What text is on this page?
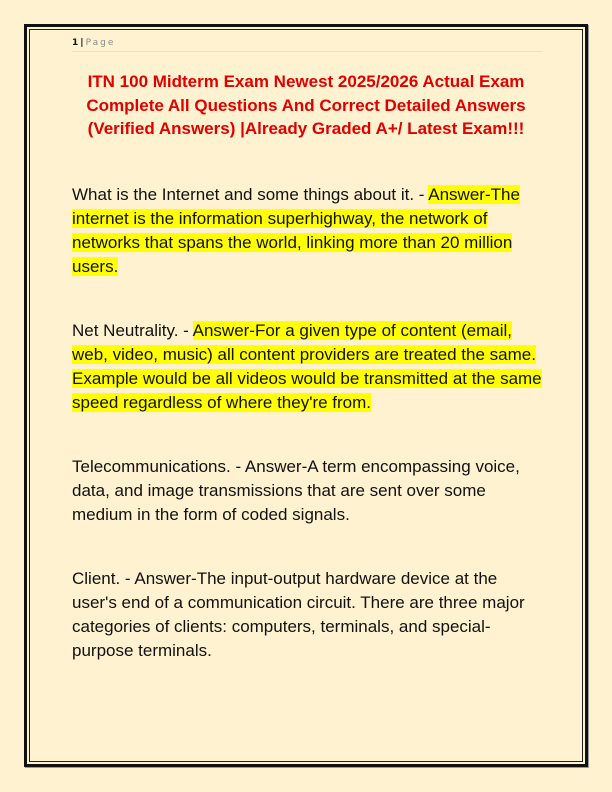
1 | Page
ITN 100 Midterm Exam Newest 2025/2026 Actual Exam
Complete All Questions And Correct Detailed Answers
(Verified Answers) |Already Graded A+/ Latest Exam!!!
What is the Internet and some things about it. - Answer-The internet is the information superhighway, the network of networks that spans the world, linking more than 20 million users.
Net Neutrality. - Answer-For a given type of content (email, web, video, music) all content providers are treated the same. Example would be all videos would be transmitted at the same speed regardless of where they're from.
Telecommunications. - Answer-A term encompassing voice, data, and image transmissions that are sent over some medium in the form of coded signals.
Client. - Answer-The input-output hardware device at the user's end of a communication circuit. There are three major categories of clients: computers, terminals, and special-purpose terminals.
